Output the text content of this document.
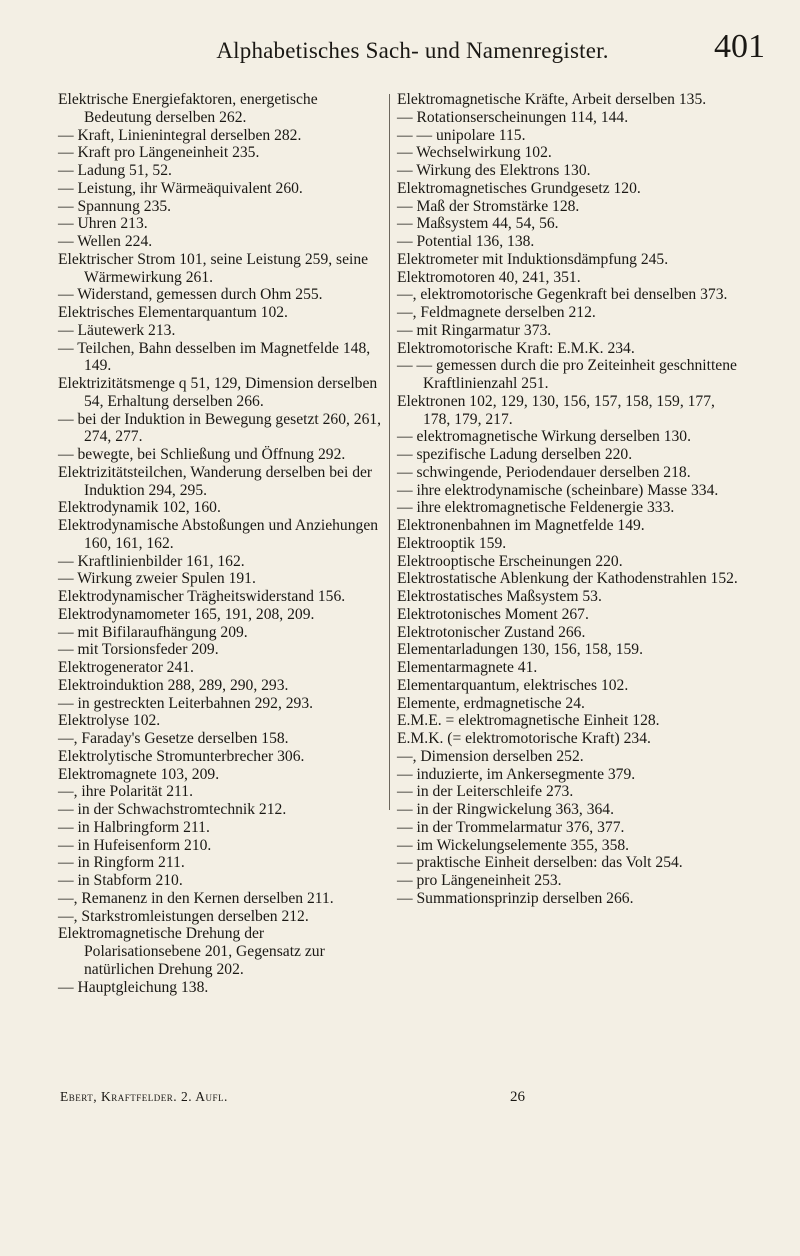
Alphabetisches Sach- und Namenregister.	401

Elektrische Energiefaktoren, energetische Bedeutung derselben 262.

— Kraft, Linienintegral derselben 282.

— Kraft pro Längeneinheit 235.

— Ladung 51, 52.

— Leistung, ihr Wärmeäquivalent 260.

— Spannung 235.

— Uhren 213.

— Wellen 224.

Elektrischer Strom 101, seine Leistung 259, seine Wärmewirkung 261.

— Widerstand, gemessen durch Ohm 255.

Elektrisches Elementarquantum 102.

— Läutewerk 213.

— Teilchen, Bahn desselben im Magnetfelde 148, 149.

Elektrizitätsmenge q 51, 129, Dimension derselben 54, Erhaltung derselben 266.

— bei der Induktion in Bewegung gesetzt 260, 261, 274, 277.

— bewegte, bei Schließung und Öffnung 292.

Elektrizitätsteilchen, Wanderung derselben bei der Induktion 294, 295.

Elektrodynamik 102, 160.

Elektrodynamische Abstoßungen und Anziehungen 160, 161, 162.

— Kraftlinienbilder 161, 162.

— Wirkung zweier Spulen 191.

Elektrodynamischer Trägheitswiderstand 156.

Elektrodynamometer 165, 191, 208, 209.

— mit Bifilaraufhängung 209.

— mit Torsionsfeder 209.

Elektrogenerator 241.

Elektroinduktion 288, 289, 290, 293.

— in gestreckten Leiterbahnen 292, 293.

Elektrolyse 102.

—, Faraday's Gesetze derselben 158.

Elektrolytische Stromunterbrecher 306.

Elektromagnete 103, 209.

—, ihre Polarität 211.

— in der Schwachstromtechnik 212.

— in Halbringform 211.

— in Hufeisenform 210.

— in Ringform 211.

— in Stabform 210.

—, Remanenz in den Kernen derselben 211.

—, Starkstromleistungen derselben 212.

Elektromagnetische Drehung der Polarisationsebene 201, Gegensatz zur natürlichen Drehung 202.

— Hauptgleichung 138.

Elektromagnetische Kräfte, Arbeit derselben 135.

— Rotationserscheinungen 114, 144.

— — unipolare 115.

— Wechselwirkung 102.

— Wirkung des Elektrons 130.

Elektromagnetisches Grundgesetz 120.

— Maß der Stromstärke 128.

— Maßsystem 44, 54, 56.

— Potential 136, 138.

Elektrometer mit Induktionsdämpfung 245.

Elektromotoren 40, 241, 351.

—, elektromotorische Gegenkraft bei denselben 373.

—, Feldmagnete derselben 212.

— mit Ringarmatur 373.

Elektromotorische Kraft: E.M.K. 234.

— — gemessen durch die pro Zeiteinheit geschnittene Kraftlinienzahl 251.

Elektronen 102, 129, 130, 156, 157, 158, 159, 177, 178, 179, 217.

— elektromagnetische Wirkung derselben 130.

— spezifische Ladung derselben 220.

— schwingende, Periodendauer derselben 218.

— ihre elektrodynamische (scheinbare) Masse 334.

— ihre elektromagnetische Feldenergie 333.

Elektronenbahnen im Magnetfelde 149.

Elektrooptik 159.

Elektrooptische Erscheinungen 220.

Elektrostatische Ablenkung der Kathodenstrahlen 152.

Elektrostatisches Maßsystem 53.

Elektrotonisches Moment 267.

Elektrotonischer Zustand 266.

Elementarladungen 130, 156, 158, 159.

Elementarmagnete 41.

Elementarquantum, elektrisches 102.

Elemente, erdmagnetische 24.

E.M.E. = elektromagnetische Einheit 128.

E.M.K. (= elektromotorische Kraft) 234.

—, Dimension derselben 252.

— induzierte, im Ankersegmente 379.

— in der Leiterschleife 273.

— in der Ringwickelung 363, 364.

— in der Trommelarmatur 376, 377.

— im Wickelungselemente 355, 358.

— praktische Einheit derselben: das Volt 254.

— pro Längeneinheit 253.

— Summationsprinzip derselben 266.

Ebert, Kraftfelder. 2. Aufl.	26
